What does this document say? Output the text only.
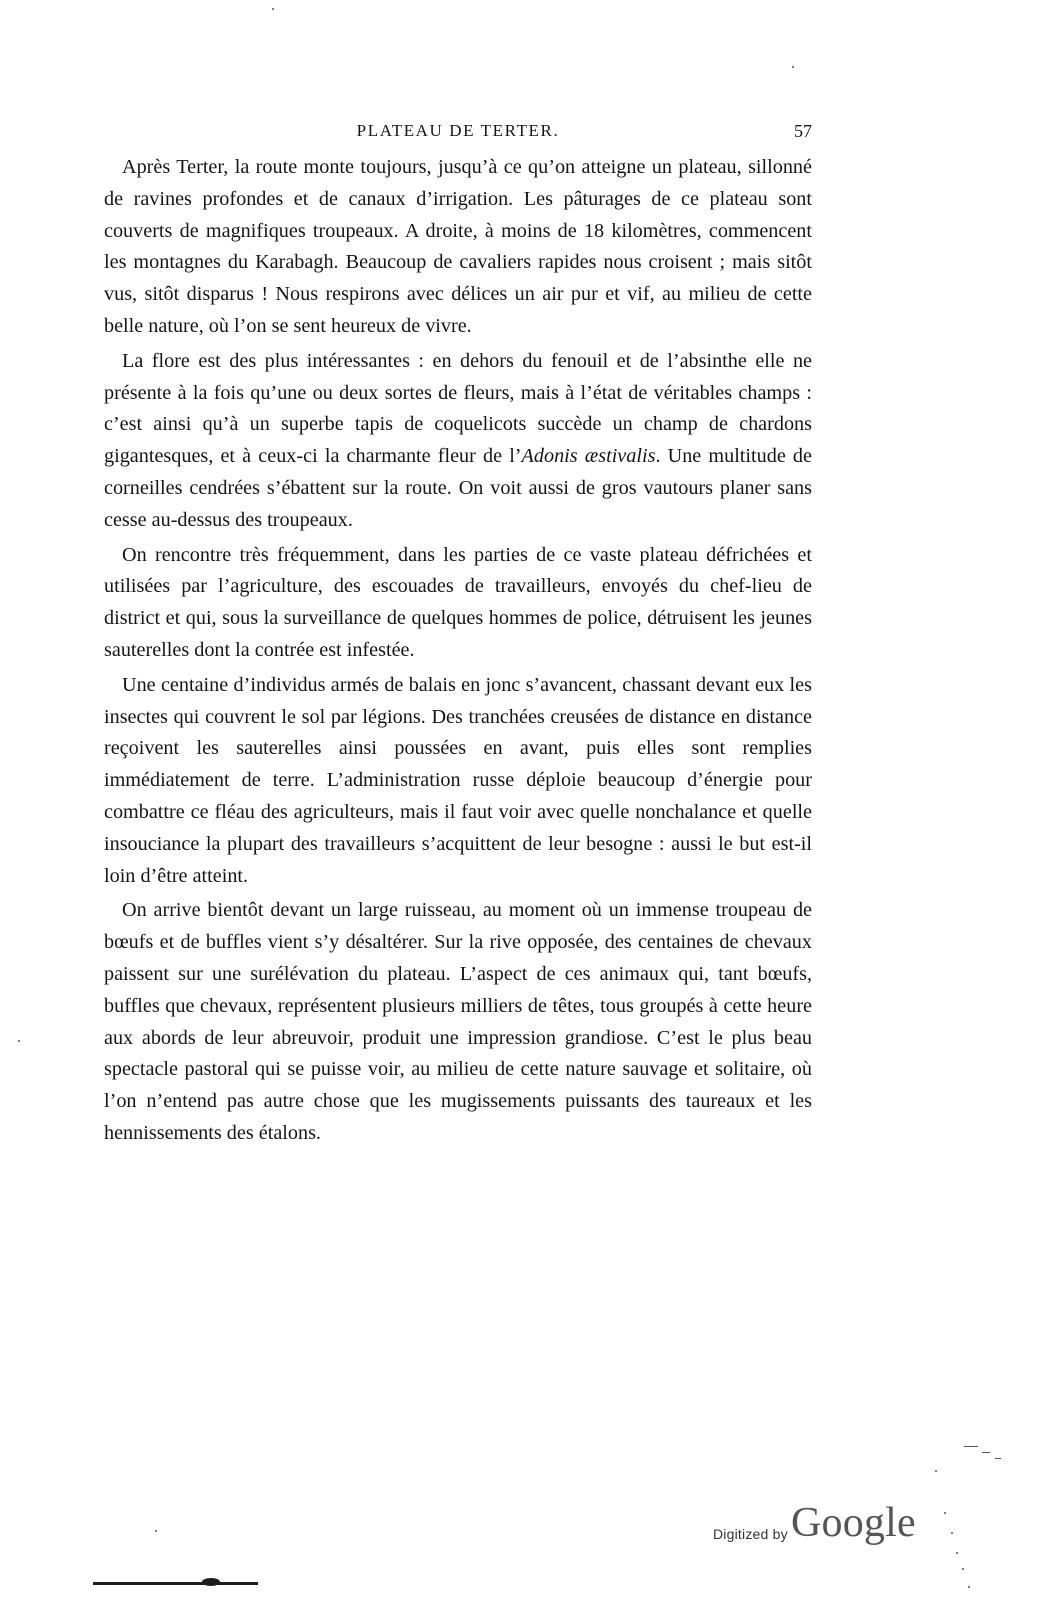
PLATEAU DE TERTER.	57

Après Terter, la route monte toujours, jusqu’à ce qu’on atteigne un plateau, sillonné de ravines profondes et de canaux d’irrigation. Les pâturages de ce plateau sont couverts de magnifiques troupeaux. A droite, à moins de 18 kilomètres, commencent les montagnes du Karabagh. Beaucoup de cavaliers rapides nous croisent ; mais sitôt vus, sitôt disparus ! Nous respirons avec délices un air pur et vif, au milieu de cette belle nature, où l’on se sent heureux de vivre.

La flore est des plus intéressantes : en dehors du fenouil et de l’absinthe elle ne présente à la fois qu’une ou deux sortes de fleurs, mais à l’état de véritables champs : c’est ainsi qu’à un superbe tapis de coquelicots succède un champ de chardons gigantesques, et à ceux-ci la charmante fleur de l’Adonis æstivalis. Une multitude de corneilles cendrées s’ébattent sur la route. On voit aussi de gros vautours planer sans cesse au-dessus des troupeaux.

On rencontre très fréquemment, dans les parties de ce vaste plateau défrichées et utilisées par l’agriculture, des escouades de travailleurs, envoyés du chef-lieu de district et qui, sous la surveillance de quelques hommes de police, détruisent les jeunes sauterelles dont la contrée est infestée.

Une centaine d’individus armés de balais en jonc s’avancent, chassant devant eux les insectes qui couvrent le sol par légions. Des tranchées creusées de distance en distance reçoivent les sauterelles ainsi poussées en avant, puis elles sont remplies immédiatement de terre. L’administration russe déploie beaucoup d’énergie pour combattre ce fléau des agriculteurs, mais il faut voir avec quelle nonchalance et quelle insouciance la plupart des travailleurs s’acquittent de leur besogne : aussi le but est-il loin d’être atteint.

On arrive bientôt devant un large ruisseau, au moment où un immense troupeau de bœufs et de buffles vient s’y désaltérer. Sur la rive opposée, des centaines de chevaux paissent sur une surélévation du plateau. L’aspect de ces animaux qui, tant bœufs, buffles que chevaux, représentent plusieurs milliers de têtes, tous groupés à cette heure aux abords de leur abreuvoir, produit une impression grandiose. C’est le plus beau spectacle pastoral qui se puisse voir, au milieu de cette nature sauvage et solitaire, où l’on n’entend pas autre chose que les mugissements puissants des taureaux et les hennissements des étalons.

Digitized by Google
